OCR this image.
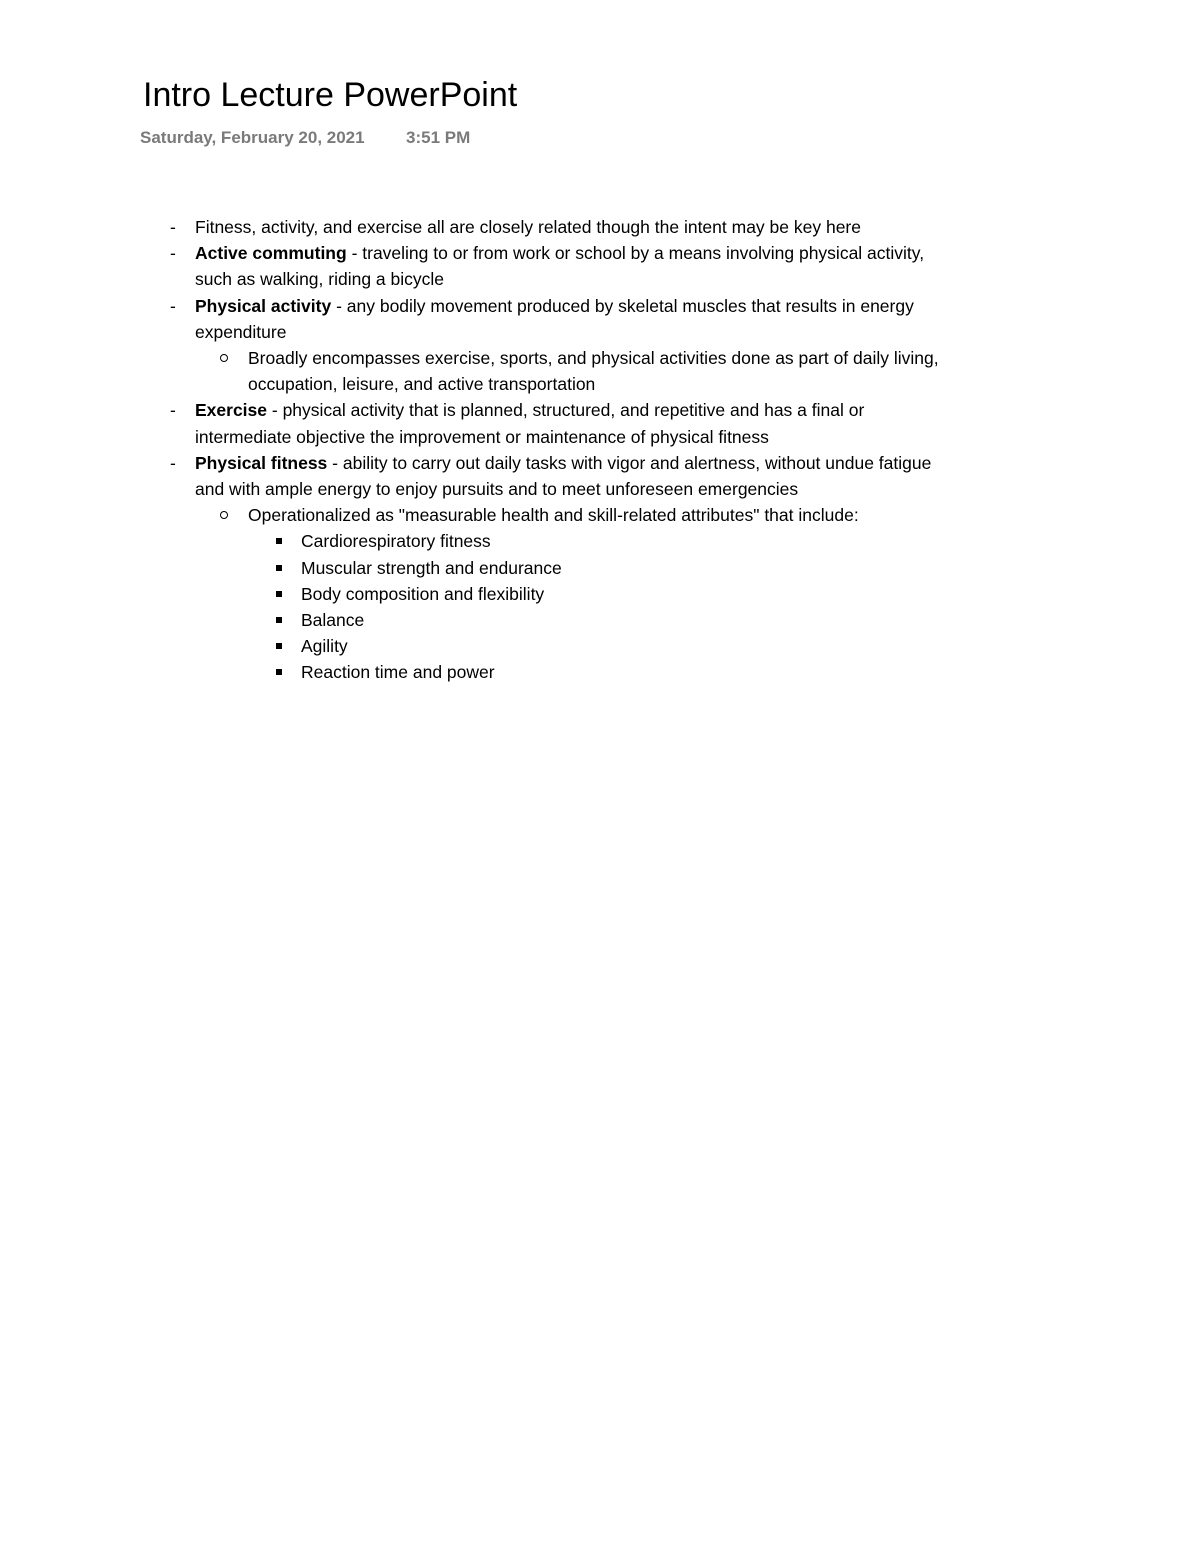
Intro Lecture PowerPoint
Saturday, February 20, 2021 3:51 PM
- Fitness, activity, and exercise all are closely related though the intent may be key here
- Active commuting - traveling to or from work or school by a means involving physical activity,
such as walking, riding a bicycle
- Physical activity - any bodily movement produced by skeletal muscles that results in energy
expenditure
Broadly encompasses exercise, sports, and physical activities done as part of daily living,
occupation, leisure, and active transportation
- Exercise - physical activity that is planned, structured, and repetitive and has a final or
intermediate objective the improvement or maintenance of physical fitness
- Physical fitness - ability to carry out daily tasks with vigor and alertness, without undue fatigue
and with ample energy to enjoy pursuits and to meet unforeseen emergencies
Operationalized as "measurable health and skill-related attributes" that include:
Cardiorespiratory fitness
Muscular strength and endurance
Body composition and flexibility
Balance
Agility
Reaction time and power
